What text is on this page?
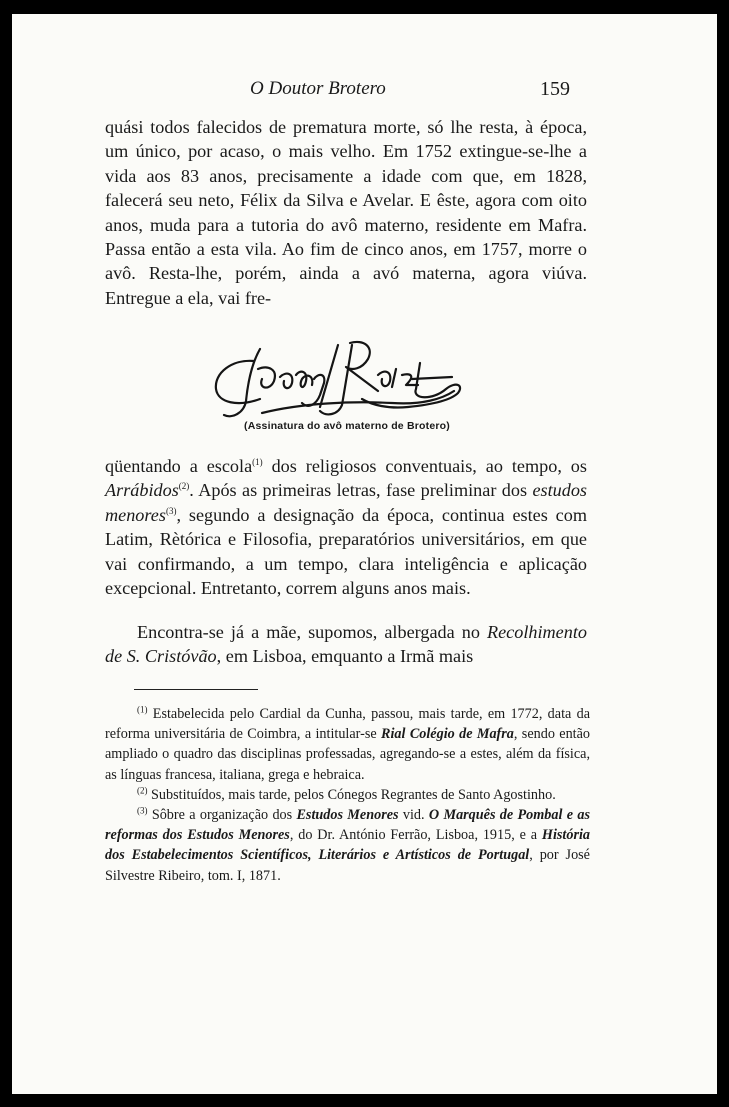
O Doutor Brotero	159

quási todos falecidos de prematura morte, só lhe resta, à época, um único, por acaso, o mais velho. Em 1752 extingue-se-lhe a vida aos 83 anos, precisamente a idade com que, em 1828, falecerá seu neto, Félix da Silva e Avelar. E êste, agora com oito anos, muda para a tutoria do avô materno, residente em Mafra. Passa então a esta vila. Ao fim de cinco anos, em 1757, morre o avô. Resta-lhe, porém, ainda a avó materna, agora viúva. Entregue a ela, vai fre-

Lopes Roiz
(Assinatura do avô materno de Brotero)

qüentando a escola$^{(1)}$ dos religiosos conventuais, ao tempo, os Arrábidos$^{(2)}$. Após as primeiras letras, fase preliminar dos estudos menores$^{(3)}$, segundo a designação da época, continua estes com Latim, Rètórica e Filosofia, preparatórios universitários, em que vai confirmando, a um tempo, clara inteligência e aplicação excepcional. Entretanto, correm alguns anos mais.

Encontra-se já a mãe, supomos, albergada no Recolhimento de S. Cristóvão, em Lisboa, emquanto a Irmã mais

$^{(1)}$ Estabelecida pelo Cardial da Cunha, passou, mais tarde, em 1772, data da reforma universitária de Coimbra, a intitular-se Rial Colégio de Mafra, sendo então ampliado o quadro das disciplinas professadas, agregando-se a estes, além da física, as línguas francesa, italiana, grega e hebraica.

$^{(2)}$ Substituídos, mais tarde, pelos Cónegos Regrantes de Santo Agostinho.

$^{(3)}$ Sôbre a organização dos Estudos Menores vid. O Marquês de Pombal e as reformas dos Estudos Menores, do Dr. António Ferrão, Lisboa, 1915, e a História dos Estabelecimentos Scientíficos, Literários e Artísticos de Portugal, por José Silvestre Ribeiro, tom. I, 1871.
